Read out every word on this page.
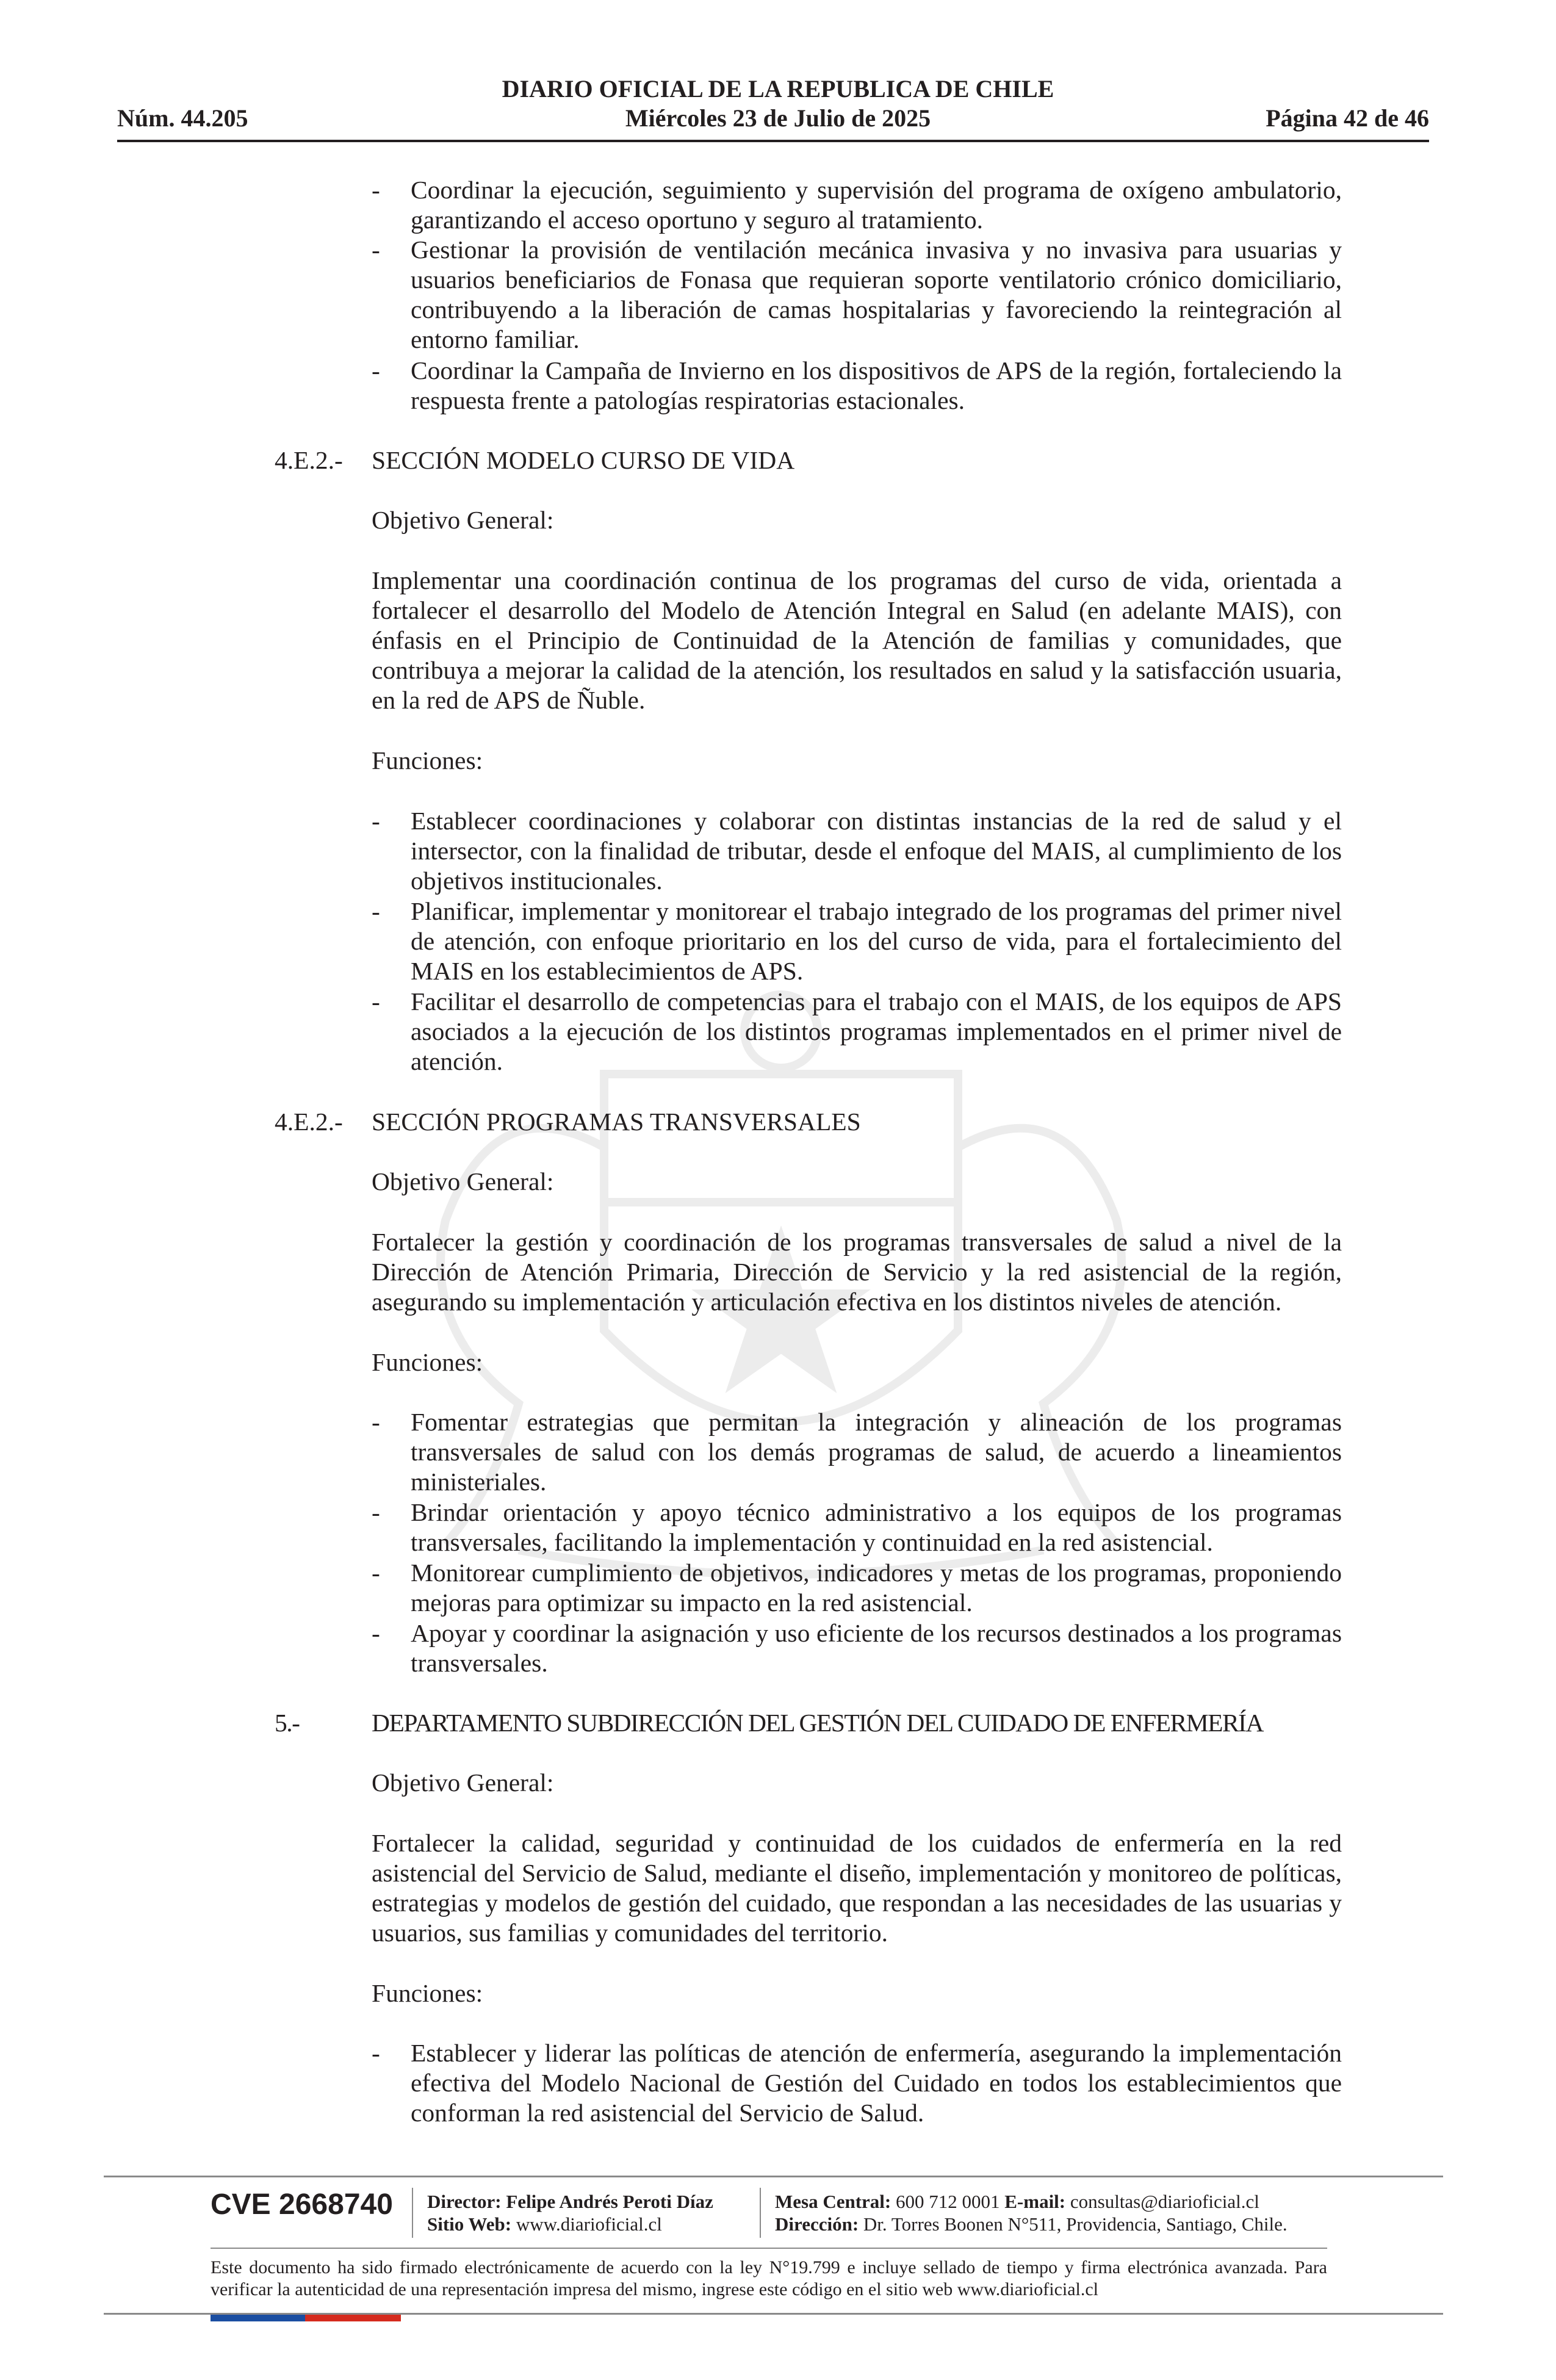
DIARIO OFICIAL DE LA REPUBLICA DE CHILE
Núm. 44.205	Miércoles 23 de Julio de 2025	Página 42 de 46
- Coordinar la ejecución, seguimiento y supervisión del programa de oxígeno ambulatorio, garantizando el acceso oportuno y seguro al tratamiento.
- Gestionar la provisión de ventilación mecánica invasiva y no invasiva para usuarias y usuarios beneficiarios de Fonasa que requieran soporte ventilatorio crónico domiciliario, contribuyendo a la liberación de camas hospitalarias y favoreciendo la reintegración al entorno familiar.
- Coordinar la Campaña de Invierno en los dispositivos de APS de la región, fortaleciendo la respuesta frente a patologías respiratorias estacionales.
4.E.2.- SECCIÓN MODELO CURSO DE VIDA

Objetivo General:

Implementar una coordinación continua de los programas del curso de vida, orientada a fortalecer el desarrollo del Modelo de Atención Integral en Salud (en adelante MAIS), con énfasis en el Principio de Continuidad de la Atención de familias y comunidades, que contribuya a mejorar la calidad de la atención, los resultados en salud y la satisfacción usuaria, en la red de APS de Ñuble.

Funciones:

- Establecer coordinaciones y colaborar con distintas instancias de la red de salud y el intersector, con la finalidad de tributar, desde el enfoque del MAIS, al cumplimiento de los objetivos institucionales.
- Planificar, implementar y monitorear el trabajo integrado de los programas del primer nivel de atención, con enfoque prioritario en los del curso de vida, para el fortalecimiento del MAIS en los establecimientos de APS.
- Facilitar el desarrollo de competencias para el trabajo con el MAIS, de los equipos de APS asociados a la ejecución de los distintos programas implementados en el primer nivel de atención.
4.E.2.- SECCIÓN PROGRAMAS TRANSVERSALES

Objetivo General:

Fortalecer la gestión y coordinación de los programas transversales de salud a nivel de la Dirección de Atención Primaria, Dirección de Servicio y la red asistencial de la región, asegurando su implementación y articulación efectiva en los distintos niveles de atención.

Funciones:

- Fomentar estrategias que permitan la integración y alineación de los programas transversales de salud con los demás programas de salud, de acuerdo a lineamientos ministeriales.
- Brindar orientación y apoyo técnico administrativo a los equipos de los programas transversales, facilitando la implementación y continuidad en la red asistencial.
- Monitorear cumplimiento de objetivos, indicadores y metas de los programas, proponiendo mejoras para optimizar su impacto en la red asistencial.
- Apoyar y coordinar la asignación y uso eficiente de los recursos destinados a los programas transversales.
5.-	DEPARTAMENTO SUBDIRECCIÓN DEL GESTIÓN DEL CUIDADO DE ENFERMERÍA

Objetivo General:

Fortalecer la calidad, seguridad y continuidad de los cuidados de enfermería en la red asistencial del Servicio de Salud, mediante el diseño, implementación y monitoreo de políticas, estrategias y modelos de gestión del cuidado, que respondan a las necesidades de las usuarias y usuarios, sus familias y comunidades del territorio.

Funciones:

- Establecer y liderar las políticas de atención de enfermería, asegurando la implementación efectiva del Modelo Nacional de Gestión del Cuidado en todos los establecimientos que conforman la red asistencial del Servicio de Salud.
CVE 2668740 Director: Felipe Andrés Peroti Díaz
Sitio Web: www.diarioficial.cl
Mesa Central: 600 712 0001 E-mail: consultas@diarioficial.cl
Dirección: Dr. Torres Boonen N°511, Providencia, Santiago, Chile.
Este documento ha sido firmado electrónicamente de acuerdo con la ley N°19.799 e incluye sellado de tiempo y firma electrónica avanzada. Para verificar la autenticidad de una representación impresa del mismo, ingrese este código en el sitio web www.diarioficial.cl
